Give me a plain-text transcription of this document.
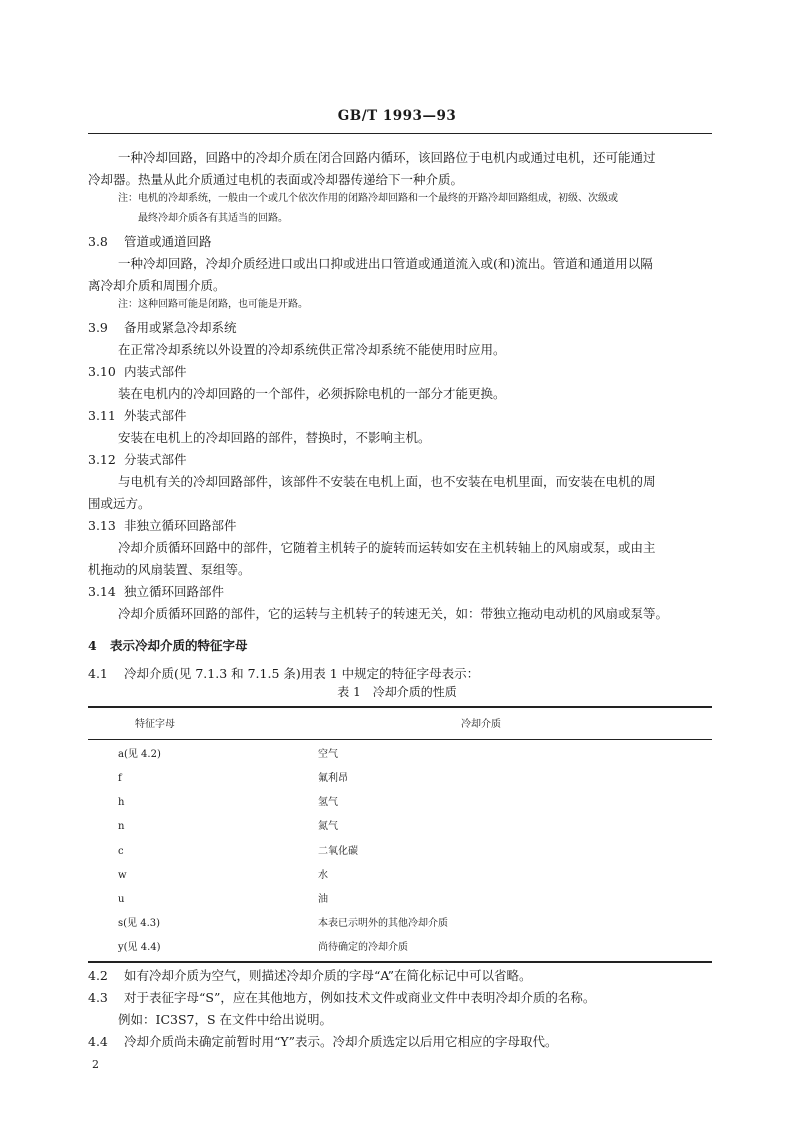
GB/T 1993—93
一种冷却回路，回路中的冷却介质在闭合回路内循环，该回路位于电机内或通过电机，还可能通过
冷却器。热量从此介质通过电机的表面或冷却器传递给下一种介质。
注：电机的冷却系统，一般由一个或几个依次作用的闭路冷却回路和一个最终的开路冷却回路组成，初级、次级或
最终冷却介质各有其适当的回路。
3.8 管道或通道回路
一种冷却回路，冷却介质经进口或出口抑或进出口管道或通道流入或(和)流出。管道和通道用以隔
离冷却介质和周围介质。
注：这种回路可能是闭路，也可能是开路。
3.9 备用或紧急冷却系统
在正常冷却系统以外设置的冷却系统供正常冷却系统不能使用时应用。
3.10 内装式部件
装在电机内的冷却回路的一个部件，必须拆除电机的一部分才能更换。
3.11 外装式部件
安装在电机上的冷却回路的部件，替换时，不影响主机。
3.12 分装式部件
与电机有关的冷却回路部件，该部件不安装在电机上面，也不安装在电机里面，而安装在电机的周
围或远方。
3.13 非独立循环回路部件
冷却介质循环回路中的部件，它随着主机转子的旋转而运转如安在主机转轴上的风扇或泵，或由主
机拖动的风扇装置、泵组等。
3.14 独立循环回路部件
冷却介质循环回路的部件，它的运转与主机转子的转速无关，如：带独立拖动电动机的风扇或泵等。
4 表示冷却介质的特征字母
4.1 冷却介质(见 7.1.3 和 7.1.5 条)用表 1 中规定的特征字母表示：
表 1　冷却介质的性质
特征字母	冷却介质
a(见 4.2)	空气
f	氟利昂
h	氢气
n	氮气
c	二氧化碳
w	水
u	油
s(见 4.3)	本表已示明外的其他冷却介质
y(见 4.4)	尚待确定的冷却介质
4.2 如有冷却介质为空气，则描述冷却介质的字母“A”在简化标记中可以省略。
4.3 对于表征字母“S”，应在其他地方，例如技术文件或商业文件中表明冷却介质的名称。
例如：IC3S7，S 在文件中给出说明。
4.4 冷却介质尚未确定前暂时用“Y”表示。冷却介质选定以后用它相应的字母取代。
2
